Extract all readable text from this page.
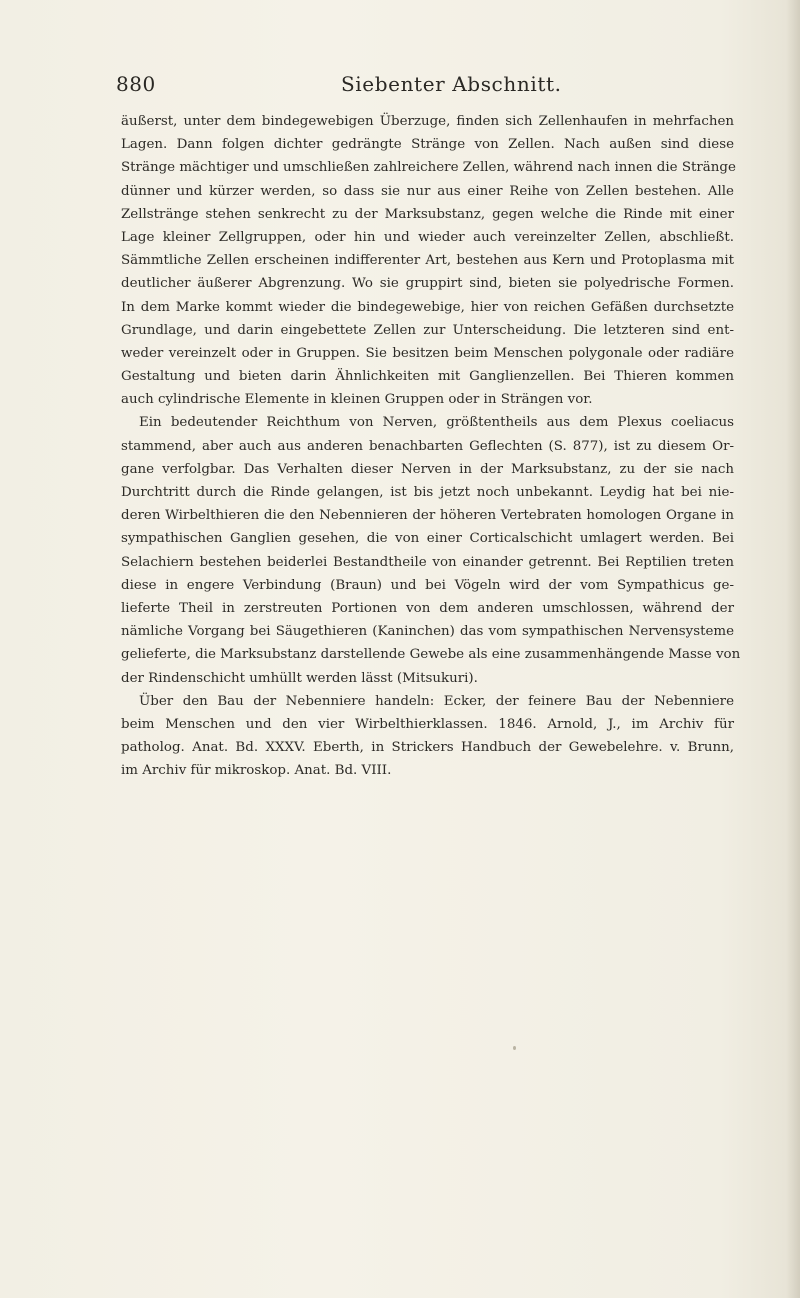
880	Siebenter Abschnitt.
äußerst, unter dem bindegewebigen Überzuge, finden sich Zellenhaufen in mehrfachen
Lagen. Dann folgen dichter gedrängte Stränge von Zellen. Nach außen sind diese
Stränge mächtiger und umschließen zahlreichere Zellen, während nach innen die Stränge
dünner und kürzer werden, so dass sie nur aus einer Reihe von Zellen bestehen. Alle
Zellstränge stehen senkrecht zu der Marksubstanz, gegen welche die Rinde mit einer
Lage kleiner Zellgruppen, oder hin und wieder auch vereinzelter Zellen, abschließt.
Sämmtliche Zellen erscheinen indifferenter Art, bestehen aus Kern und Protoplasma mit
deutlicher äußerer Abgrenzung. Wo sie gruppirt sind, bieten sie polyedrische Formen.
In dem Marke kommt wieder die bindegewebige, hier von reichen Gefäßen durchsetzte
Grundlage, und darin eingebettete Zellen zur Unterscheidung. Die letzteren sind ent-
weder vereinzelt oder in Gruppen. Sie besitzen beim Menschen polygonale oder radiäre
Gestaltung und bieten darin Ähnlichkeiten mit Ganglienzellen. Bei Thieren kommen
auch cylindrische Elemente in kleinen Gruppen oder in Strängen vor.
Ein bedeutender Reichthum von Nerven, größtentheils aus dem Plexus coeliacus
stammend, aber auch aus anderen benachbarten Geflechten (S. 877), ist zu diesem Or-
gane verfolgbar. Das Verhalten dieser Nerven in der Marksubstanz, zu der sie nach
Durchtritt durch die Rinde gelangen, ist bis jetzt noch unbekannt. Leydig hat bei nie-
deren Wirbelthieren die den Nebennieren der höheren Vertebraten homologen Organe in
sympathischen Ganglien gesehen, die von einer Corticalschicht umlagert werden. Bei
Selachiern bestehen beiderlei Bestandtheile von einander getrennt. Bei Reptilien treten
diese in engere Verbindung (Braun) und bei Vögeln wird der vom Sympathicus ge-
lieferte Theil in zerstreuten Portionen von dem anderen umschlossen, während der
nämliche Vorgang bei Säugethieren (Kaninchen) das vom sympathischen Nervensysteme
gelieferte, die Marksubstanz darstellende Gewebe als eine zusammenhängende Masse von
der Rindenschicht umhüllt werden lässt (Mitsukuri).
Über den Bau der Nebenniere handeln: Ecker, der feinere Bau der Nebenniere
beim Menschen und den vier Wirbelthierklassen. 1846. Arnold, J., im Archiv für
patholog. Anat. Bd. XXXV. Eberth, in Strickers Handbuch der Gewebelehre. v. Brunn,
im Archiv für mikroskop. Anat. Bd. VIII.
